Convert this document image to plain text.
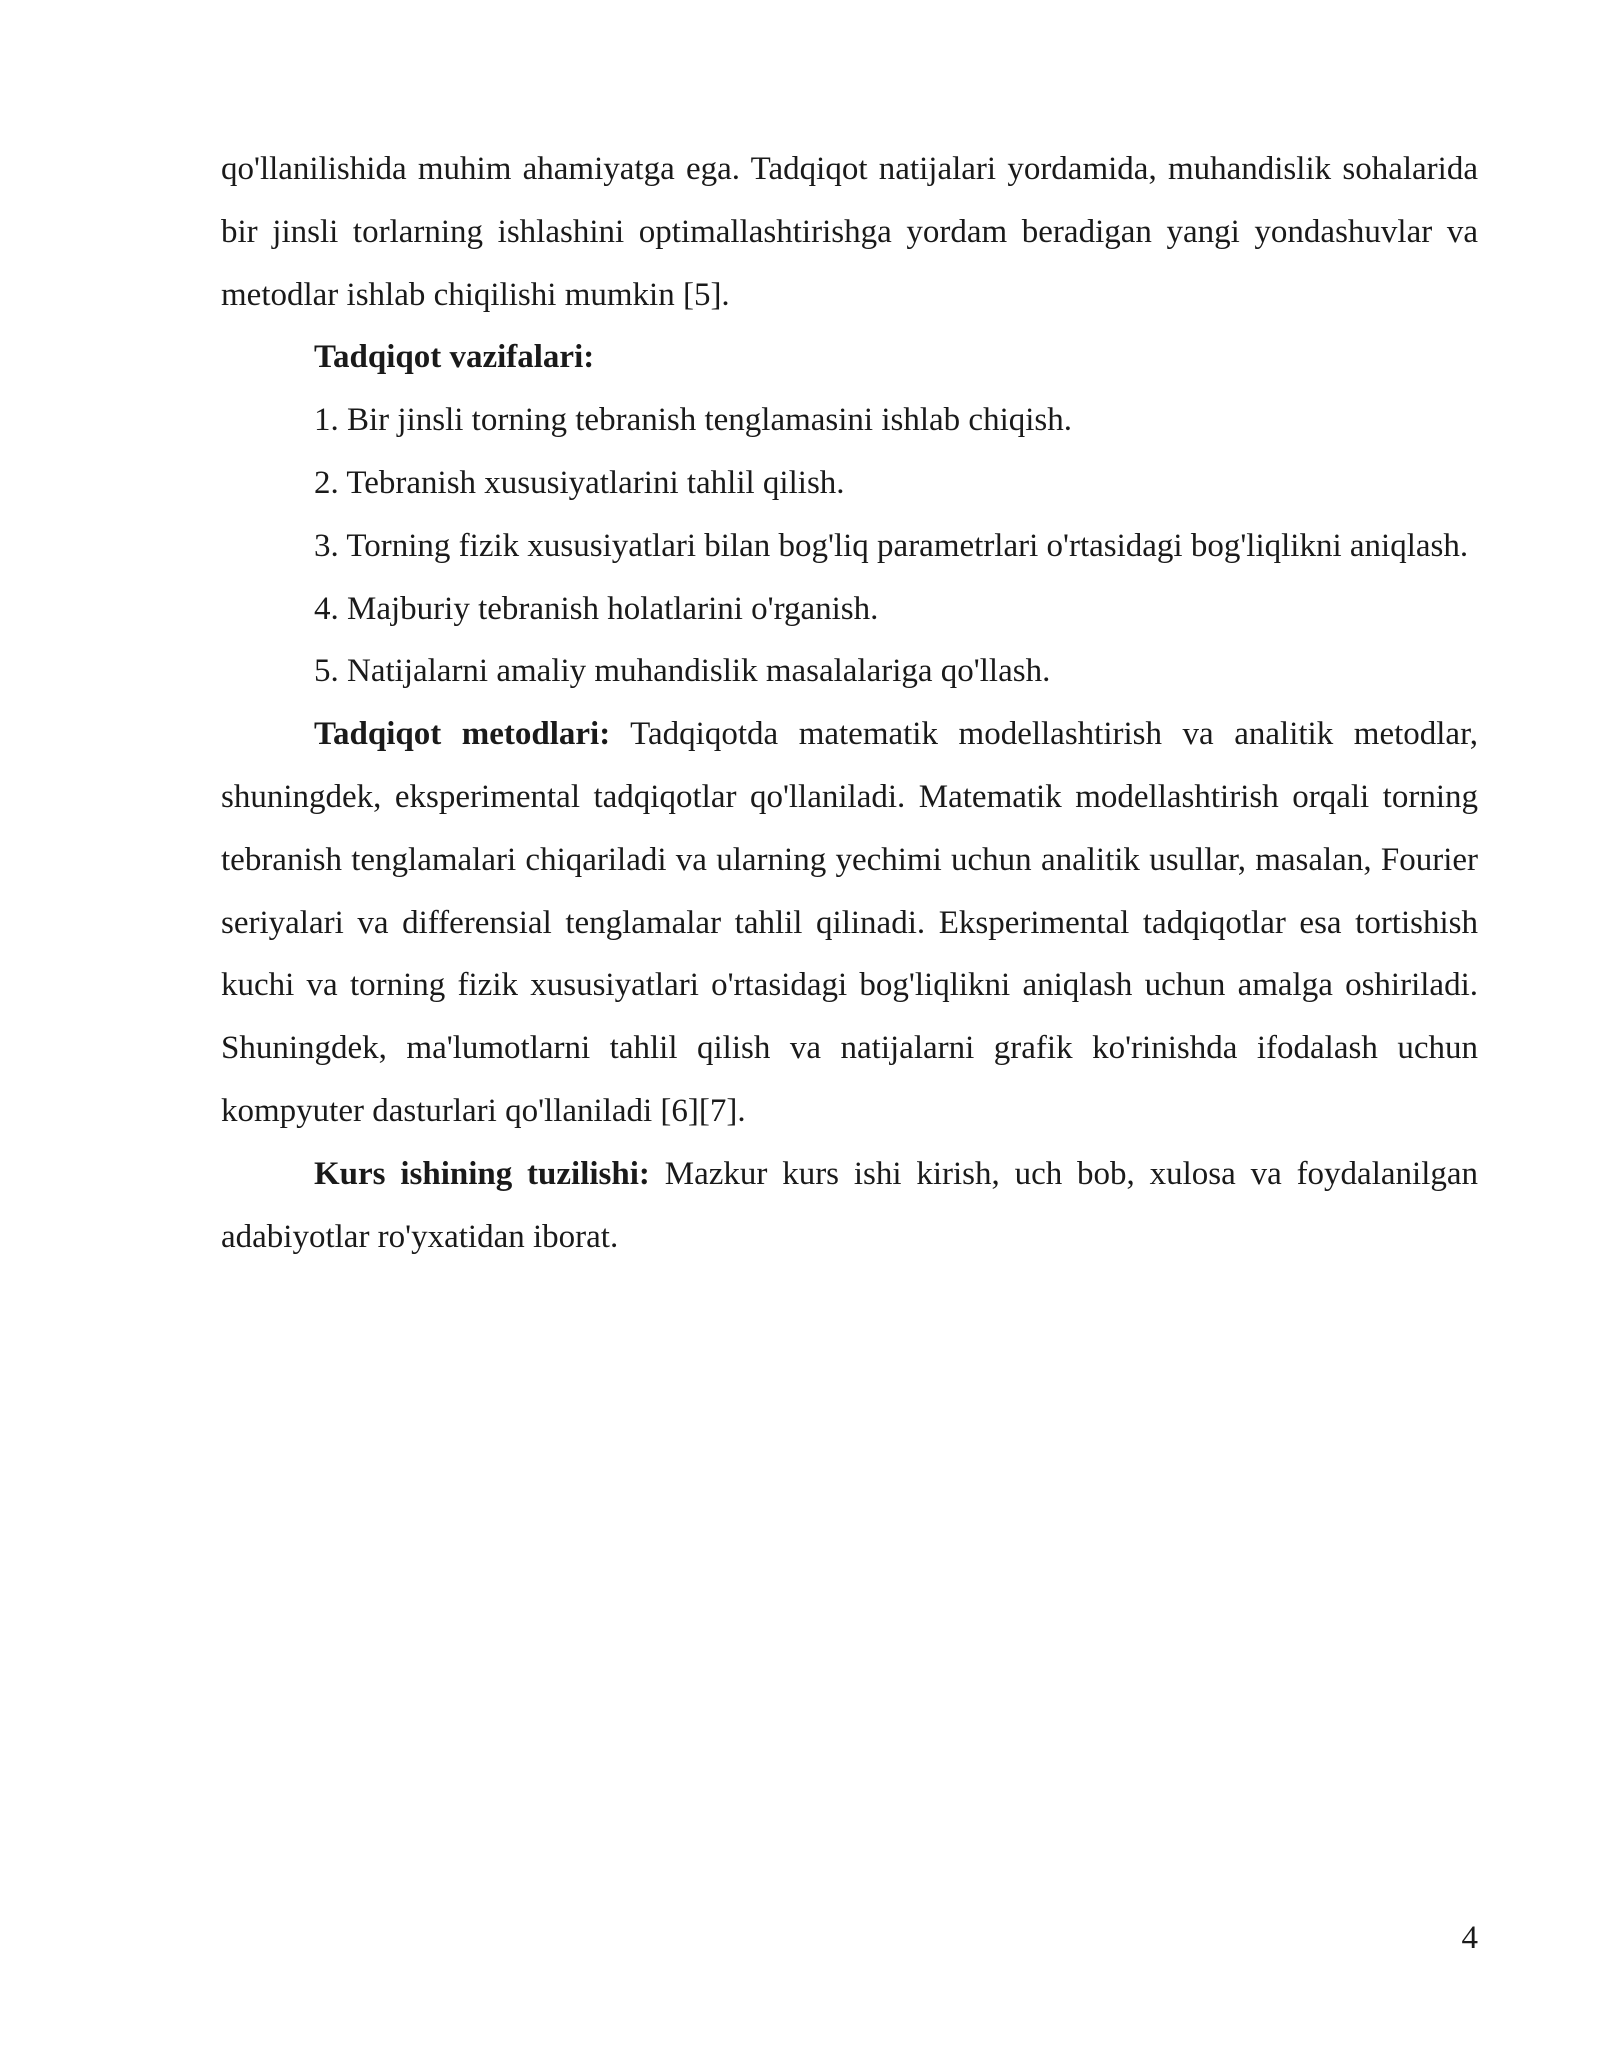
qo'llanilishida muhim ahamiyatga ega. Tadqiqot natijalari yordamida, muhandislik sohalarida bir jinsli torlarning ishlashini optimallashtirishga yordam beradigan yangi yondashuvlar va metodlar ishlab chiqilishi mumkin [5].

Tadqiqot vazifalari:

1. Bir jinsli torning tebranish tenglamasini ishlab chiqish.

2. Tebranish xususiyatlarini tahlil qilish.

3. Torning fizik xususiyatlari bilan bog'liq parametrlari o'rtasidagi bog'liqlikni aniqlash.

4. Majburiy tebranish holatlarini o'rganish.

5. Natijalarni amaliy muhandislik masalalariga qo'llash.

Tadqiqot metodlari: Tadqiqotda matematik modellashtirish va analitik metodlar, shuningdek, eksperimental tadqiqotlar qo'llaniladi. Matematik modellashtirish orqali torning tebranish tenglamalari chiqariladi va ularning yechimi uchun analitik usullar, masalan, Fourier seriyalari va differensial tenglamalar tahlil qilinadi. Eksperimental tadqiqotlar esa tortishish kuchi va torning fizik xususiyatlari o'rtasidagi bog'liqlikni aniqlash uchun amalga oshiriladi. Shuningdek, ma'lumotlarni tahlil qilish va natijalarni grafik ko'rinishda ifodalash uchun kompyuter dasturlari qo'llaniladi [6][7].

Kurs ishining tuzilishi: Mazkur kurs ishi kirish, uch bob, xulosa va foydalanilgan adabiyotlar ro'yxatidan iborat.

4
